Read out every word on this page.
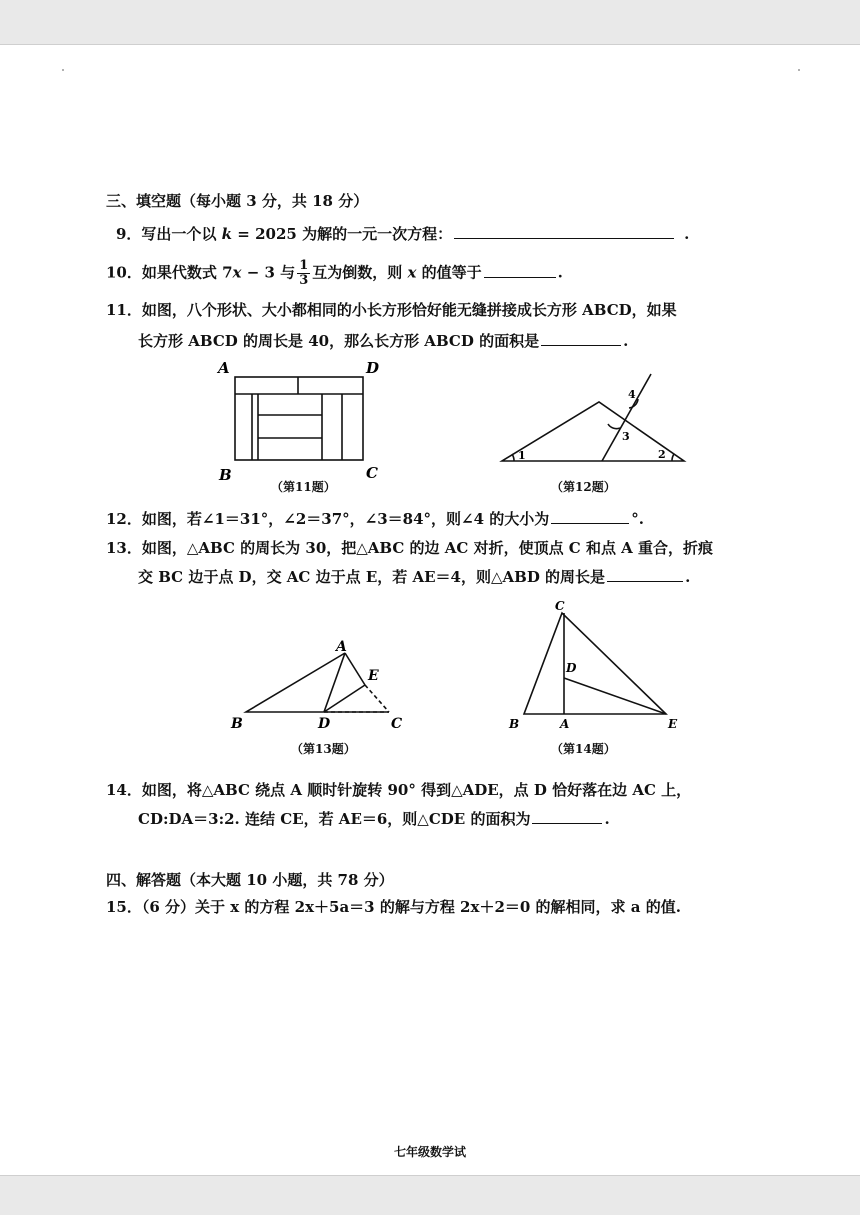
三、填空题（每小题 3 分，共 18 分）
9．写出一个以 k = 2025 为解的一元一次方程：	.
10．如果代数式 7x − 3 与 $\frac{1}{3}$ 互为倒数，则 x 的值等于	.
11．如图，八个形状、大小都相同的小长方形恰好能无缝拼接成长方形 ABCD，如果
长方形 ABCD 的周长是 40，那么长方形 ABCD 的面积是	.
A	D
B	C
（第11题）
1	2
3
4
（第12题）
12．如图，若∠1＝31°，∠2＝37°，∠3＝84°，则∠4 的大小为	°.
13．如图，△ABC 的周长为 30，把△ABC 的边 AC 对折，使顶点 C 和点 A 重合，折痕
交 BC 边于点 D，交 AC 边于点 E，若 AE＝4，则△ABD 的周长是	.
A
E
B	D	C
（第13题）
C
D
B	A	E
（第14题）
14．如图，将△ABC 绕点 A 顺时针旋转 90° 得到△ADE，点 D 恰好落在边 AC 上，
CD:DA＝3:2. 连结 CE，若 AE＝6，则△CDE 的面积为	.
四、解答题（本大题 10 小题，共 78 分）
15．（6 分）关于 x 的方程 2x＋5a＝3 的解与方程 2x＋2＝0 的解相同，求 a 的值.
七年级数学试
